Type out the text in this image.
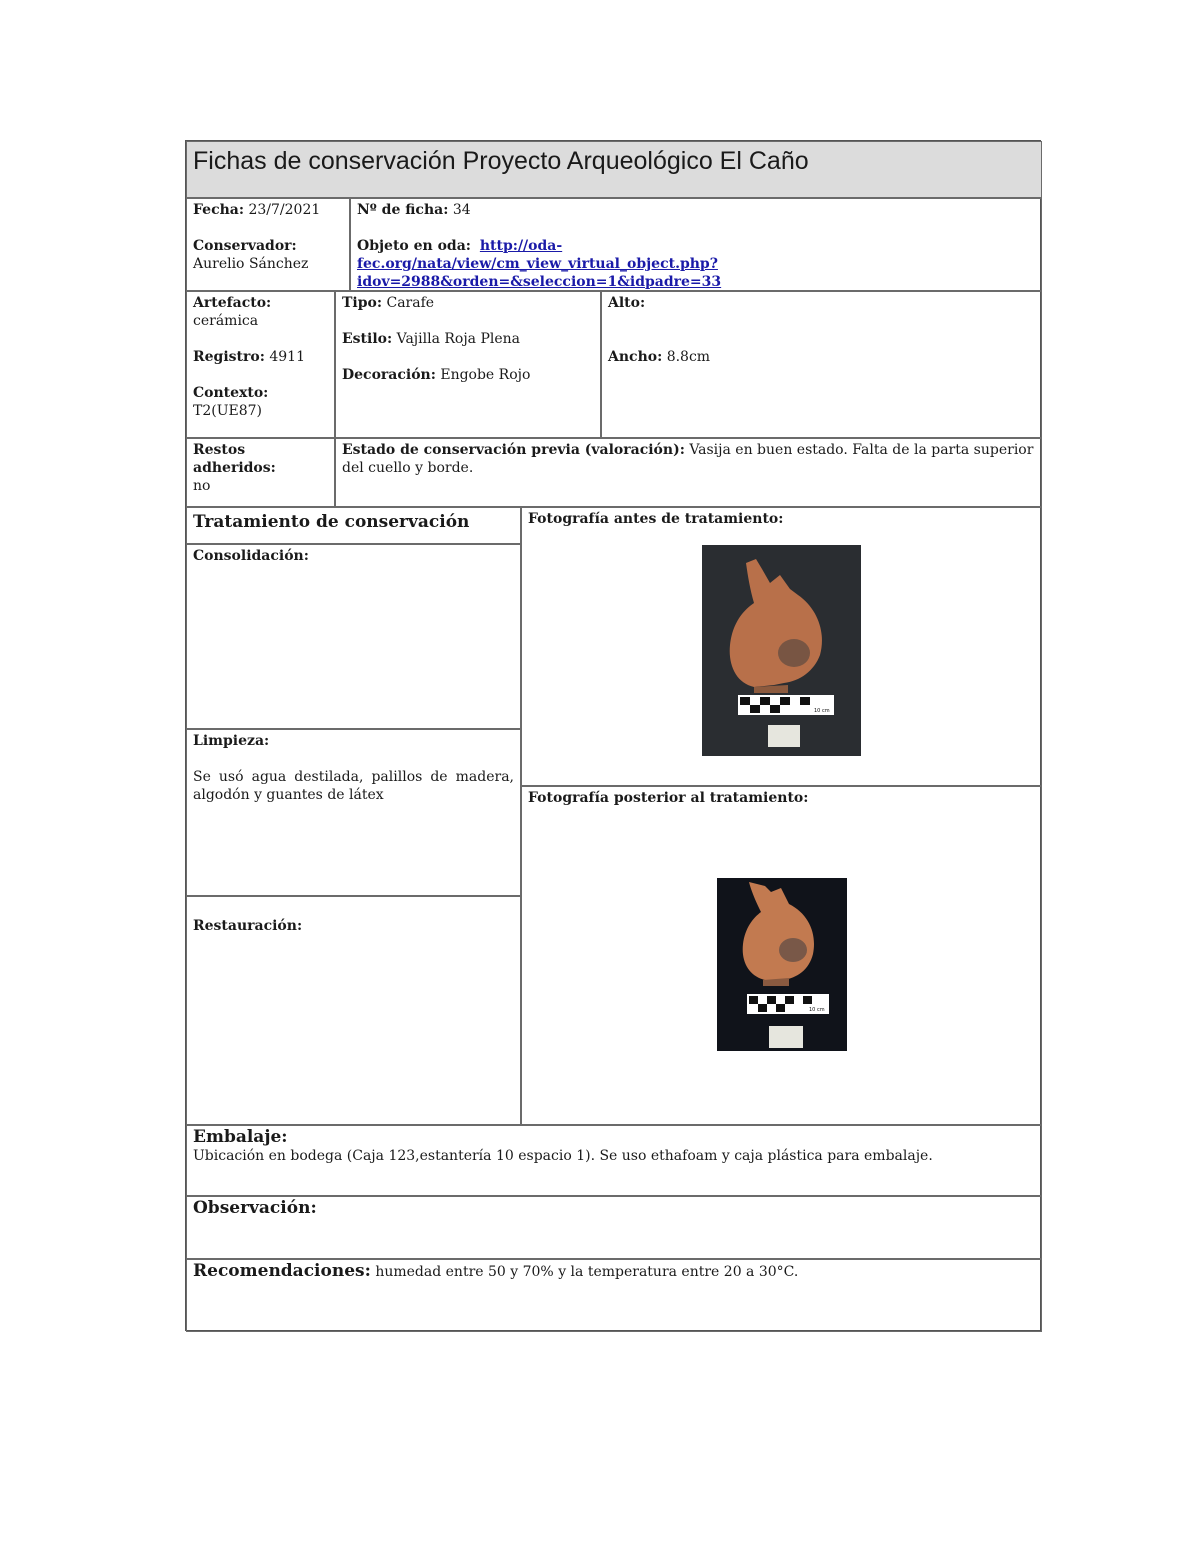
Fichas de conservación Proyecto Arqueológico El Caño
Fecha: 23/7/2021
Conservador:
Aurelio Sánchez
Nº de ficha: 34
Objeto en oda: http://oda-
fec.org/nata/view/cm_view_virtual_object.php?idov=2988&orden=&seleccion=1&idpadre=33
Artefacto:
cerámica
Registro: 4911
Contexto:
T2(UE87)
Tipo: Carafe
Estilo: Vajilla Roja Plena
Decoración: Engobe Rojo
Alto:
Ancho: 8.8cm
Restos adheridos:
no
Estado de conservación previa (valoración): Vasija en buen estado. Falta de la parta superior del cuello y borde.
Tratamiento de conservación
Consolidación:
Limpieza:
Se usó agua destilada, palillos de madera, algodón y guantes de látex
Restauración:
Fotografía antes de tratamiento:
10 cm
Fotografía posterior al tratamiento:
10 cm
Embalaje:
Ubicación en bodega (Caja 123,estantería 10 espacio 1). Se uso ethafoam y caja plástica para embalaje.
Observación:
Recomendaciones: humedad entre 50 y 70% y la temperatura entre 20 a 30°C.
